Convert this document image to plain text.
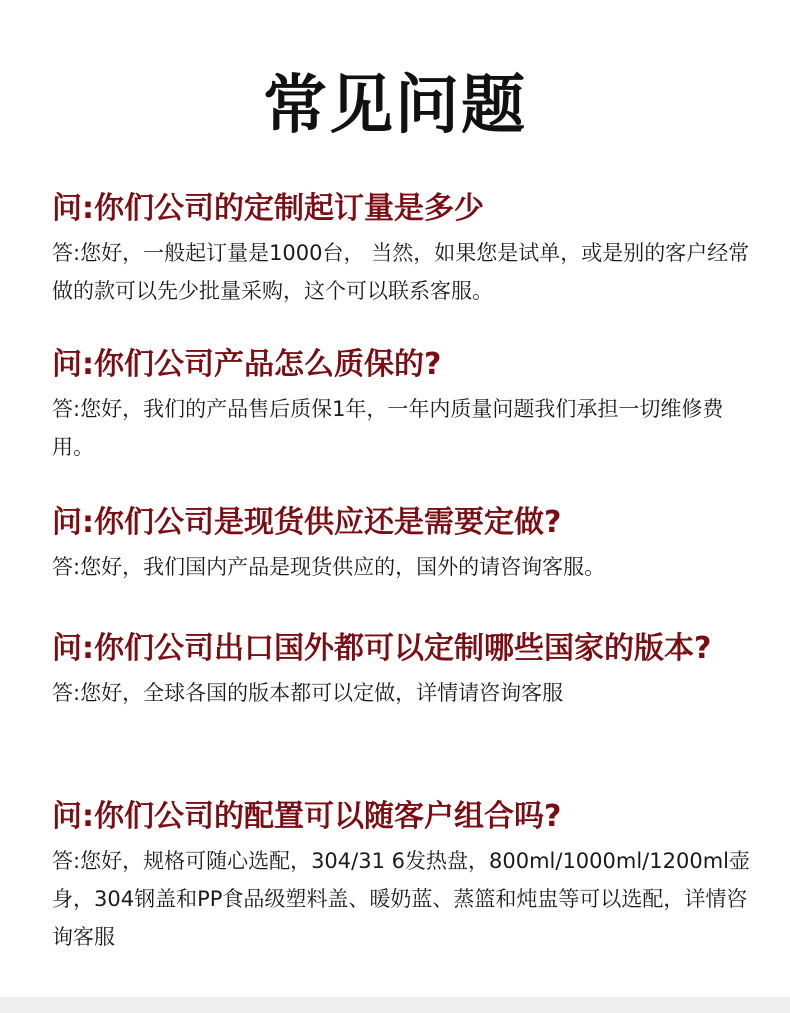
常见问题

问:你们公司的定制起订量是多少

答:您好，一般起订量是1000台， 当然，如果您是试单，或是别的客户经常做的款可以先少批量采购，这个可以联系客服。

问:你们公司产品怎么质保的?

答:您好，我们的产品售后质保1年，一年内质量问题我们承担一切维修费用。

问:你们公司是现货供应还是需要定做?

答:您好，我们国内产品是现货供应的，国外的请咨询客服。

问:你们公司出口国外都可以定制哪些国家的版本?

答:您好，全球各国的版本都可以定做，详情请咨询客服

问:你们公司的配置可以随客户组合吗?

答:您好，规格可随心选配，304/31 6发热盘，800ml/1000ml/1200ml壶身，304钢盖和PP食品级塑料盖、暖奶蓝、蒸篮和炖盅等可以选配，详情咨询客服
